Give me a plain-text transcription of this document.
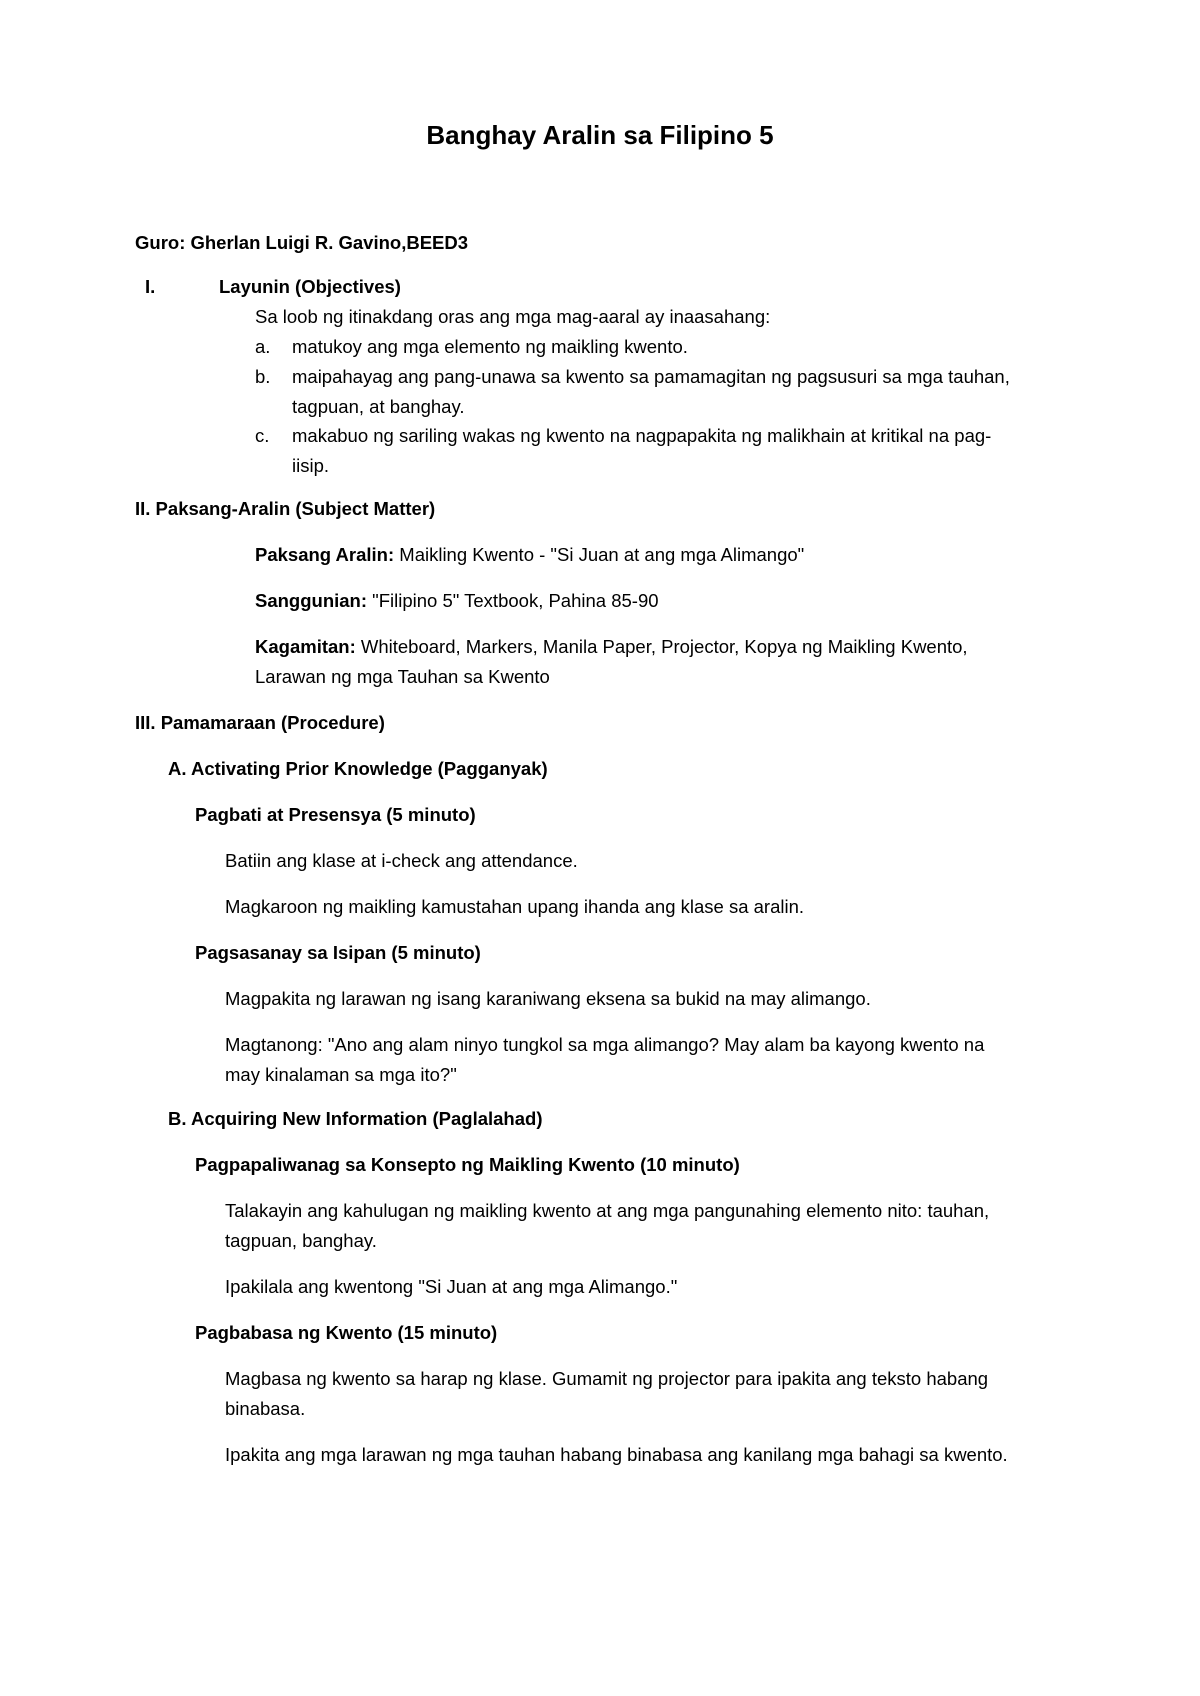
Banghay Aralin sa Filipino 5
Guro: Gherlan Luigi R. Gavino,BEED3
I.	Layunin (Objectives)
Sa loob ng itinakdang oras ang mga mag-aaral ay inaasahang:
a. matukoy ang mga elemento ng maikling kwento.
b. maipahayag ang pang-unawa sa kwento sa pamamagitan ng pagsusuri sa mga tauhan,
tagpuan, at banghay.
c. makabuo ng sariling wakas ng kwento na nagpapakita ng malikhain at kritikal na pag-
iisip.
II. Paksang-Aralin (Subject Matter)
Paksang Aralin: Maikling Kwento - "Si Juan at ang mga Alimango"
Sanggunian: "Filipino 5" Textbook, Pahina 85-90
Kagamitan: Whiteboard, Markers, Manila Paper, Projector, Kopya ng Maikling Kwento,
Larawan ng mga Tauhan sa Kwento
III. Pamamaraan (Procedure)
A. Activating Prior Knowledge (Pagganyak)
Pagbati at Presensya (5 minuto)
Batiin ang klase at i-check ang attendance.
Magkaroon ng maikling kamustahan upang ihanda ang klase sa aralin.
Pagsasanay sa Isipan (5 minuto)
Magpakita ng larawan ng isang karaniwang eksena sa bukid na may alimango.
Magtanong: "Ano ang alam ninyo tungkol sa mga alimango? May alam ba kayong kwento na
may kinalaman sa mga ito?"
B. Acquiring New Information (Paglalahad)
Pagpapaliwanag sa Konsepto ng Maikling Kwento (10 minuto)
Talakayin ang kahulugan ng maikling kwento at ang mga pangunahing elemento nito: tauhan,
tagpuan, banghay.
Ipakilala ang kwentong "Si Juan at ang mga Alimango."
Pagbabasa ng Kwento (15 minuto)
Magbasa ng kwento sa harap ng klase. Gumamit ng projector para ipakita ang teksto habang
binabasa.
Ipakita ang mga larawan ng mga tauhan habang binabasa ang kanilang mga bahagi sa kwento.
